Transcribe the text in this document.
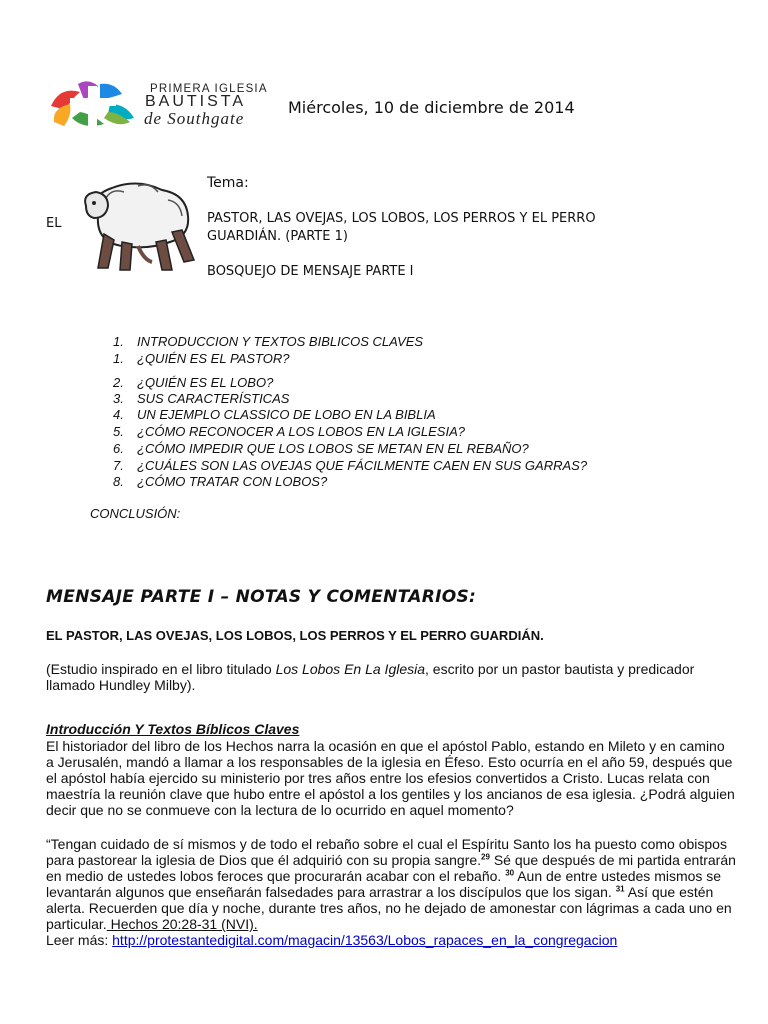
PRIMERA IGLESIA
BAUTISTA
de Southgate
Miércoles, 10 de diciembre de 2014
Tema:
EL	PASTOR, LAS OVEJAS, LOS LOBOS, LOS PERROS Y EL PERRO
GUARDIÁN. (PARTE 1)
BOSQUEJO DE MENSAJE PARTE I
1. INTRODUCCION Y TEXTOS BIBLICOS CLAVES
1. ¿QUIÉN ES EL PASTOR?
2. ¿QUIÉN ES EL LOBO?
3. SUS CARACTERÍSTICAS
4. UN EJEMPLO CLASSICO DE LOBO EN LA BIBLIA
5. ¿CÓMO RECONOCER A LOS LOBOS EN LA IGLESIA?
6. ¿CÓMO IMPEDIR QUE LOS LOBOS SE METAN EN EL REBAÑO?
7. ¿CUÁLES SON LAS OVEJAS QUE FÁCILMENTE CAEN EN SUS GARRAS?
8. ¿CÓMO TRATAR CON LOBOS?
CONCLUSIÓN:
MENSAJE PARTE I – NOTAS Y COMENTARIOS:
EL PASTOR, LAS OVEJAS, LOS LOBOS, LOS PERROS Y EL PERRO GUARDIÁN.
(Estudio inspirado en el libro titulado Los Lobos En La Iglesia, escrito por un pastor bautista y predicador llamado Hundley Milby).
Introducción Y Textos Bíblicos Claves
El historiador del libro de los Hechos narra la ocasión en que el apóstol Pablo, estando en Mileto y en camino a Jerusalén, mandó a llamar a los responsables de la iglesia en Éfeso. Esto ocurría en el año 59, después que el apóstol había ejercido su ministerio por tres años entre los efesios convertidos a Cristo. Lucas relata con maestría la reunión clave que hubo entre el apóstol a los gentiles y los ancianos de esa iglesia. ¿Podrá alguien decir que no se conmueve con la lectura de lo ocurrido en aquel momento?
“Tengan cuidado de sí mismos y de todo el rebaño sobre el cual el Espíritu Santo los ha puesto como obispos para pastorear la iglesia de Dios que él adquirió con su propia sangre.$^{29}$ Sé que después de mi partida entrarán en medio de ustedes lobos feroces que procurarán acabar con el rebaño. $^{30}$ Aun de entre ustedes mismos se levantarán algunos que enseñarán falsedades para arrastrar a los discípulos que los sigan. $^{31}$ Así que estén alerta. Recuerden que día y noche, durante tres años, no he dejado de amonestar con lágrimas a cada uno en particular. Hechos 20:28-31 (NVI).
Leer más: http://protestantedigital.com/magacin/13563/Lobos_rapaces_en_la_congregacion
